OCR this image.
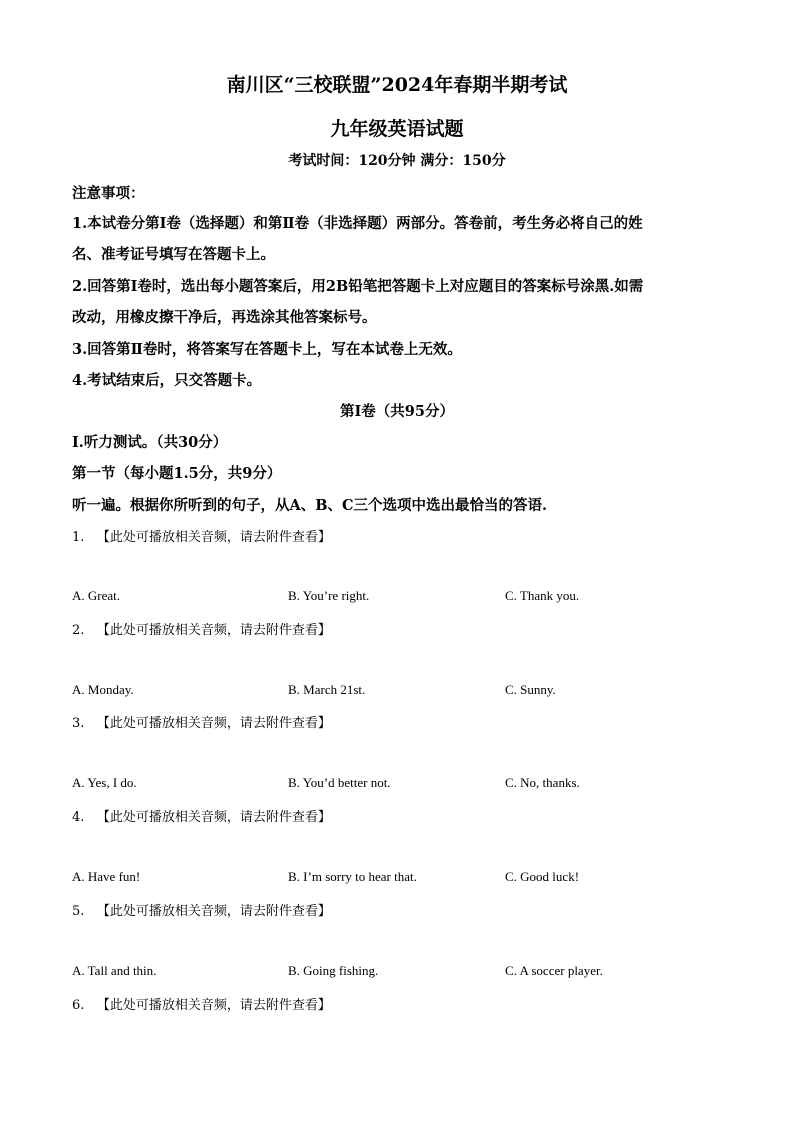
南川区“三校联盟”2024年春期半期考试
九年级英语试题
考试时间：120分钟 满分：150分
注意事项：
1.本试卷分第Ⅰ卷（选择题）和第Ⅱ卷（非选择题）两部分。答卷前，考生务必将自己的姓
名、准考证号填写在答题卡上。
2.回答第Ⅰ卷时，选出每小题答案后，用2B铅笔把答题卡上对应题目的答案标号涂黑.如需
改动，用橡皮擦干净后，再选涂其他答案标号。
3.回答第Ⅱ卷时，将答案写在答题卡上，写在本试卷上无效。
4.考试结束后，只交答题卡。
第Ⅰ卷（共95分）
Ⅰ.听力测试。（共30分）
第一节（每小题1.5分，共9分）
听一遍。根据你所听到的句子，从A、B、C三个选项中选出最恰当的答语.
1. 【此处可播放相关音频，请去附件查看】
A. Great.	B. You’re right.	C. Thank you.
2. 【此处可播放相关音频，请去附件查看】
A. Monday.	B. March 21st.	C. Sunny.
3. 【此处可播放相关音频，请去附件查看】
A. Yes, I do.	B. You’d better not.	C. No, thanks.
4. 【此处可播放相关音频，请去附件查看】
A. Have fun!	B. I’m sorry to hear that.	C. Good luck!
5. 【此处可播放相关音频，请去附件查看】
A. Tall and thin.	B. Going fishing.	C. A soccer player.
6. 【此处可播放相关音频，请去附件查看】
